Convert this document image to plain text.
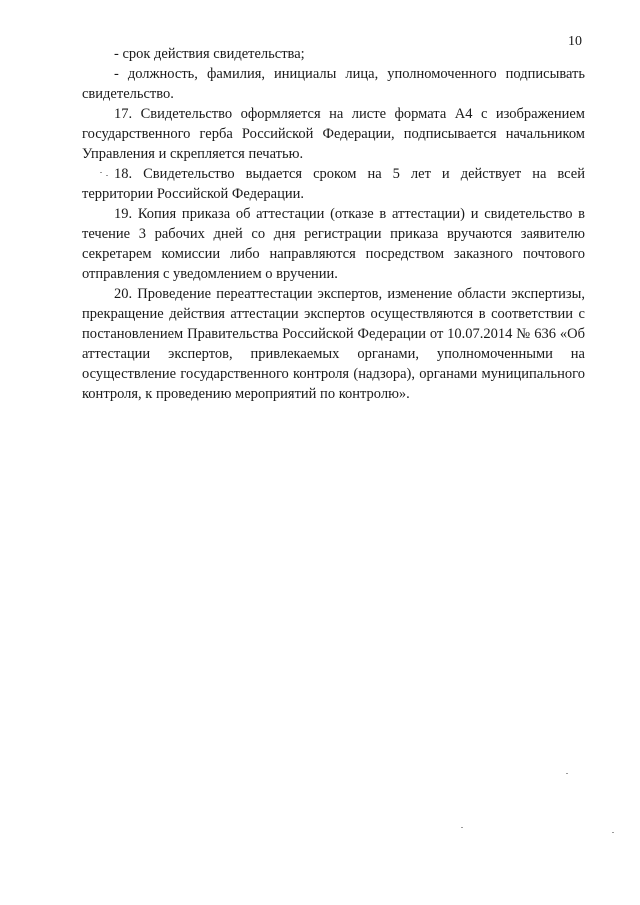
10

- срок действия свидетельства;

- должность, фамилия, инициалы лица, уполномоченного подписывать свидетельство.

17. Свидетельство оформляется на листе формата А4 с изображением государственного герба Российской Федерации, подписывается начальником Управления и скрепляется печатью.

18. Свидетельство выдается сроком на 5 лет и действует на всей территории Российской Федерации.

19. Копия приказа об аттестации (отказе в аттестации) и свидетельство в течение 3 рабочих дней со дня регистрации приказа вручаются заявителю секретарем комиссии либо направляются посредством заказного почтового отправления с уведомлением о вручении.

20. Проведение переаттестации экспертов, изменение области экспертизы, прекращение действия аттестации экспертов осуществляются в соответствии с постановлением Правительства Российской Федерации от 10.07.2014 № 636 «Об аттестации экспертов, привлекаемых органами, уполномоченными на осуществление государственного контроля (надзора), органами муниципального контроля, к проведению мероприятий по контролю».
